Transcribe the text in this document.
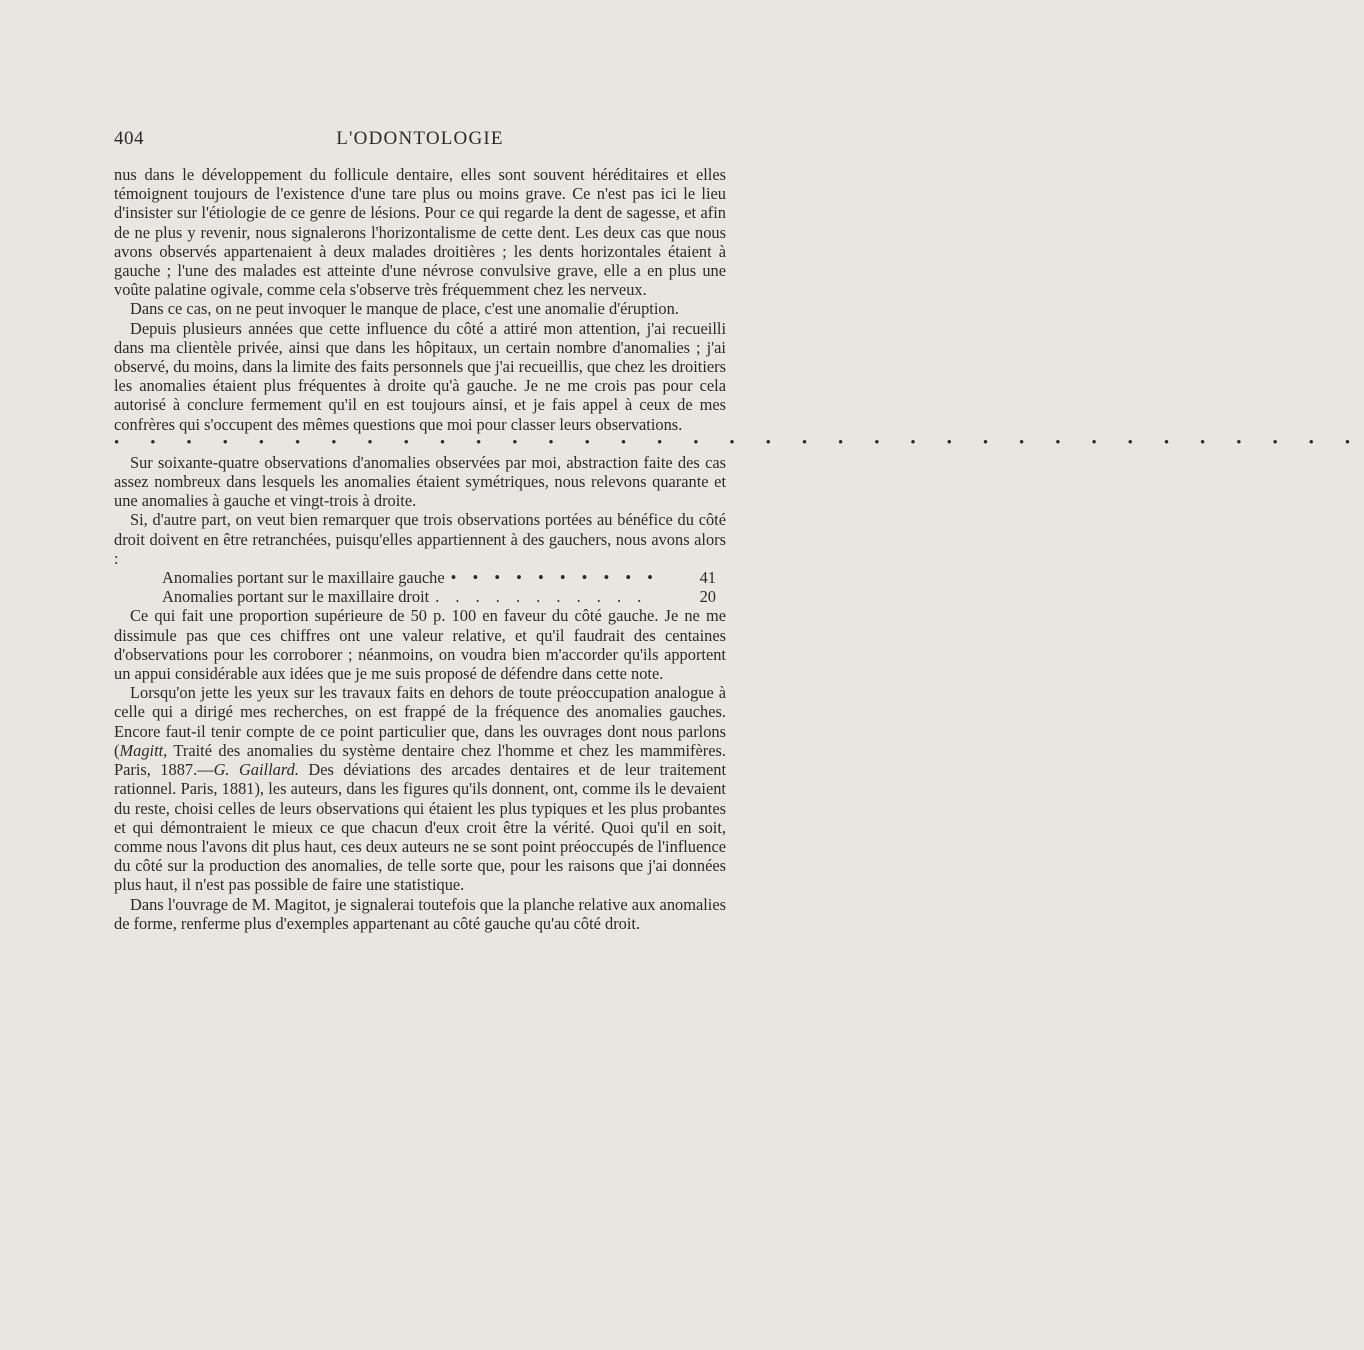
404	L'ODONTOLOGIE

nus dans le développement du follicule dentaire, elles sont souvent héréditaires et elles témoignent toujours de l'existence d'une tare plus ou moins grave. Ce n'est pas ici le lieu d'insister sur l'étiologie de ce genre de lésions. Pour ce qui regarde la dent de sagesse, et afin de ne plus y revenir, nous signalerons l'horizontalisme de cette dent. Les deux cas que nous avons observés appartenaient à deux malades droitières ; les dents horizontales étaient à gauche ; l'une des malades est atteinte d'une névrose convulsive grave, elle a en plus une voûte palatine ogivale, comme cela s'observe très fréquemment chez les nerveux.

Dans ce cas, on ne peut invoquer le manque de place, c'est une anomalie d'éruption.

Depuis plusieurs années que cette influence du côté a attiré mon attention, j'ai recueilli dans ma clientèle privée, ainsi que dans les hôpitaux, un certain nombre d'anomalies ; j'ai observé, du moins, dans la limite des faits personnels que j'ai recueillis, que chez les droitiers les anomalies étaient plus fréquentes à droite qu'à gauche. Je ne me crois pas pour cela autorisé à conclure fermement qu'il en est toujours ainsi, et je fais appel à ceux de mes confrères qui s'occupent des mêmes questions que moi pour classer leurs observations.

• • • • • • • • • • • • • • • • • • • • • • • • • • • • • • • • • • •

Sur soixante-quatre observations d'anomalies observées par moi, abstraction faite des cas assez nombreux dans lesquels les anomalies étaient symétriques, nous relevons quarante et une anomalies à gauche et vingt-trois à droite.

Si, d'autre part, on veut bien remarquer que trois observations portées au bénéfice du côté droit doivent en être retranchées, puisqu'elles appartiennent à des gauchers, nous avons alors :

Anomalies portant sur le maxillaire gauche • • • • • • • • • •	41
Anomalies portant sur le maxillaire droit . . . . . . . . . . .	20

Ce qui fait une proportion supérieure de 50 p. 100 en faveur du côté gauche. Je ne me dissimule pas que ces chiffres ont une valeur relative, et qu'il faudrait des centaines d'observations pour les corroborer ; néanmoins, on voudra bien m'accorder qu'ils apportent un appui considérable aux idées que je me suis proposé de défendre dans cette note.

Lorsqu'on jette les yeux sur les travaux faits en dehors de toute préoccupation analogue à celle qui a dirigé mes recherches, on est frappé de la fréquence des anomalies gauches. Encore faut-il tenir compte de ce point particulier que, dans les ouvrages dont nous parlons (Magitt, Traité des anomalies du système dentaire chez l'homme et chez les mammifères. Paris, 1887.—G. Gaillard. Des déviations des arcades dentaires et de leur traitement rationnel. Paris, 1881), les auteurs, dans les figures qu'ils donnent, ont, comme ils le devaient du reste, choisi celles de leurs observations qui étaient les plus typiques et les plus probantes et qui démontraient le mieux ce que chacun d'eux croit être la vérité. Quoi qu'il en soit, comme nous l'avons dit plus haut, ces deux auteurs ne se sont point préoccupés de l'influence du côté sur la production des anomalies, de telle sorte que, pour les raisons que j'ai données plus haut, il n'est pas possible de faire une statistique.

Dans l'ouvrage de M. Magitot, je signalerai toutefois que la planche relative aux anomalies de forme, renferme plus d'exemples appartenant au côté gauche qu'au côté droit.
